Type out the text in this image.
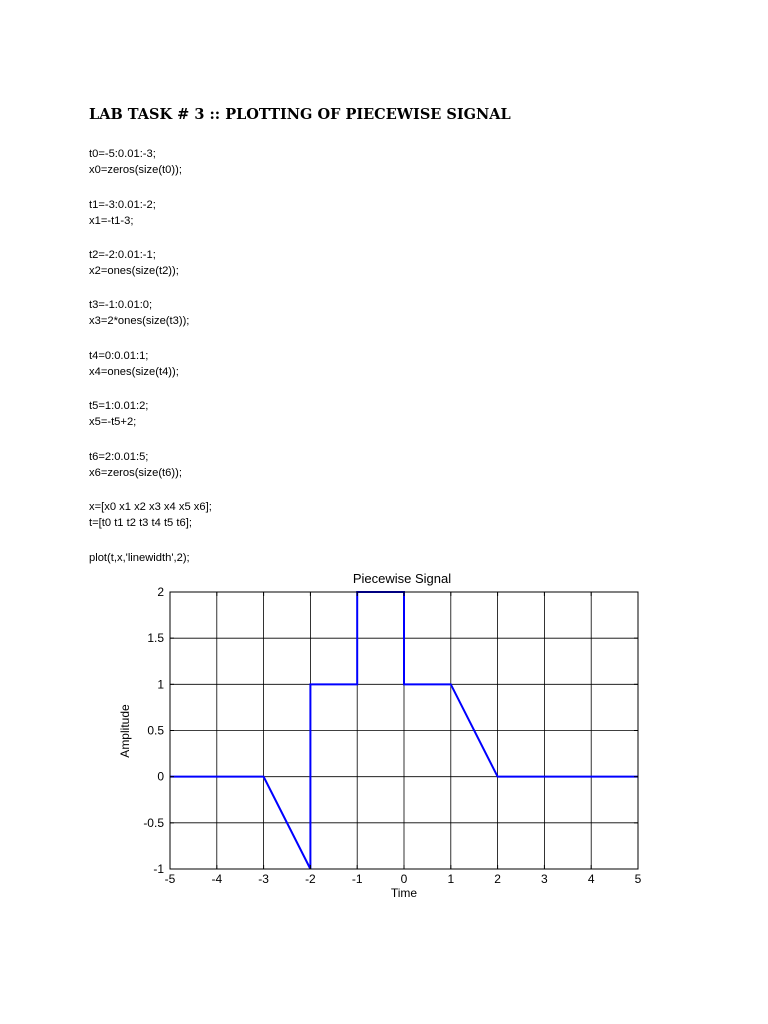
LAB TASK # 3 :: PLOTTING OF PIECEWISE SIGNAL
t0=-5:0.01:-3;
x0=zeros(size(t0));
t1=-3:0.01:-2;
x1=-t1-3;
t2=-2:0.01:-1;
x2=ones(size(t2));
t3=-1:0.01:0;
x3=2*ones(size(t3));
t4=0:0.01:1;
x4=ones(size(t4));
t5=1:0.01:2;
x5=-t5+2;
t6=2:0.01:5;
x6=zeros(size(t6));
x=[x0 x1 x2 x3 x4 x5 x6];
t=[t0 t1 t2 t3 t4 t5 t6];
plot(t,x,'linewidth',2);
Piecewise Signal
-5	-4	-3	-2	-1	0	1	2	3	4	5
-1
-0.5
0
0.5
1
1.5
2
Time
Amplitude
